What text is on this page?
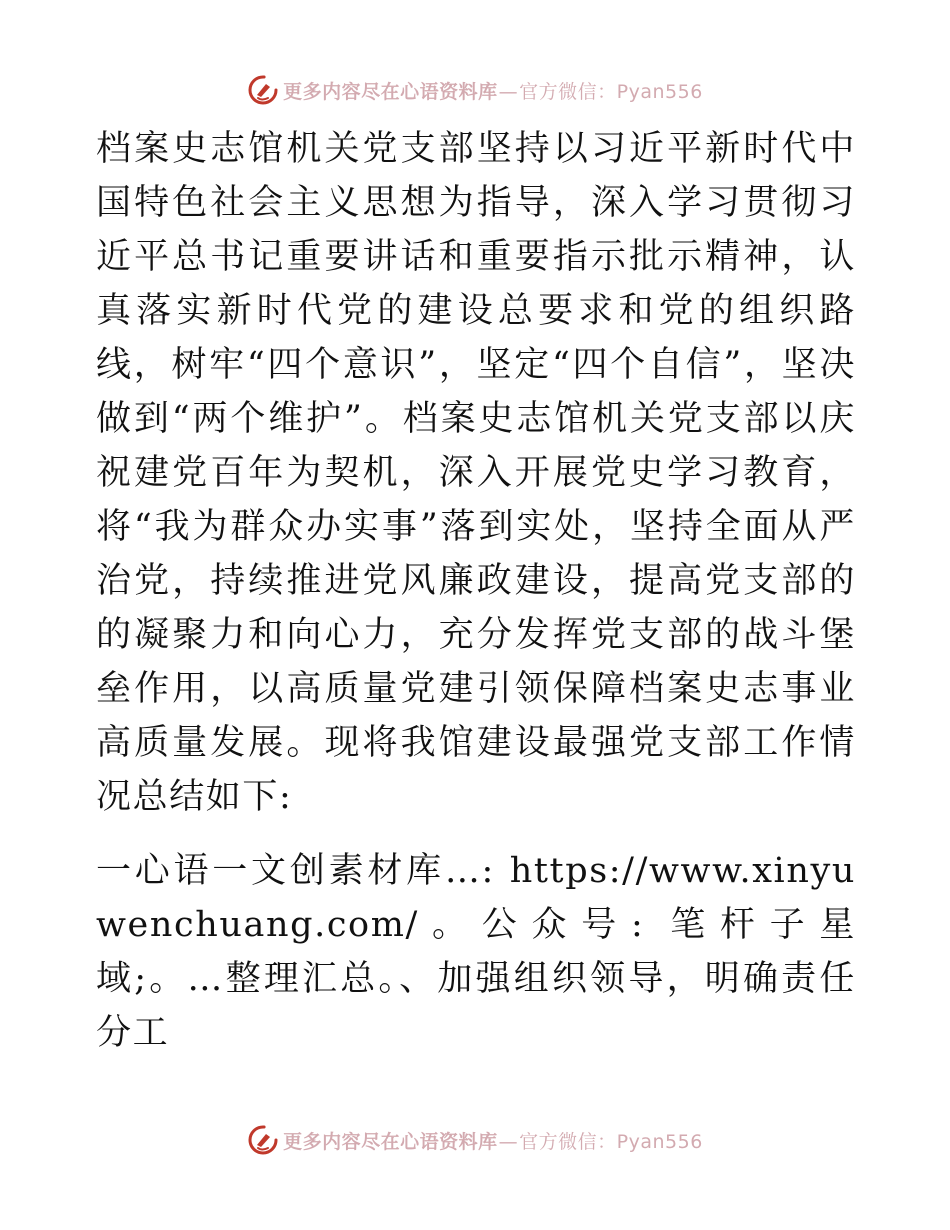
更多内容尽在心语资料库—官方微信：Pyan556

档案史志馆机关党支部坚持以习近平新时代中国特色社会主义思想为指导，深入学习贯彻习近平总书记重要讲话和重要指示批示精神，认真落实新时代党的建设总要求和党的组织路线，树牢“四个意识”，坚定“四个自信”，坚决做到“两个维护”。档案史志馆机关党支部以庆祝建党百年为契机，深入开展党史学习教育，将“我为群众办实事”落到实处，坚持全面从严治党，持续推进党风廉政建设，提高党支部的的凝聚力和向心力，充分发挥党支部的战斗堡垒作用，以高质量党建引领保障档案史志事业高质量发展。现将我馆建设最强党支部工作情况总结如下:

一心语一文创素材库…: https://www.xinyuwenchuang.com/。公众号: 笔杆子星域;。…整理汇总。、加强组织领导，明确责任分工

更多内容尽在心语资料库—官方微信：Pyan556
